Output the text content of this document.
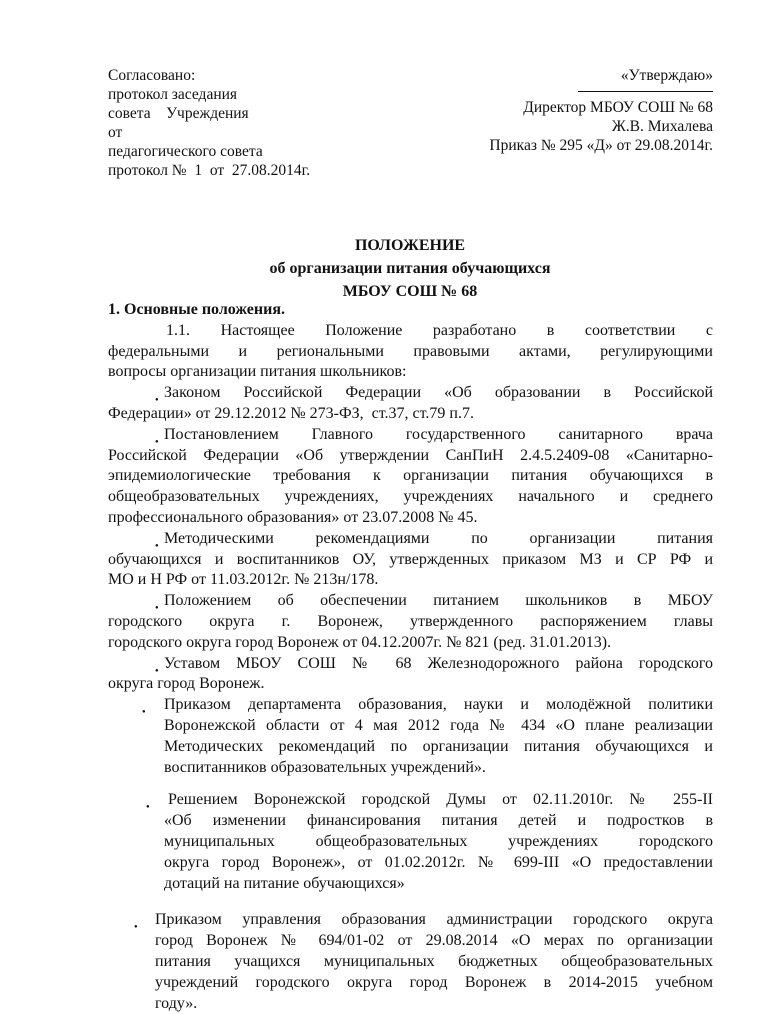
Согласовано:
протокол заседания
совета    Учреждения
от
педагогического совета
протокол №  1  от  27.08.2014г.
«Утверждаю»
Директор МБОУ СОШ № 68
Ж.В. Михалева
Приказ № 295 «Д» от 29.08.2014г.
ПОЛОЖЕНИЕ
об организации питания обучающихся
МБОУ СОШ № 68
1. Основные положения.
1.1. Настоящее Положение разработано в соответствии с
федеральными и региональными правовыми актами, регулирующими
вопросы организации питания школьников:
● Законом Российской Федерации «Об образовании в Российской
Федерации» от 29.12.2012 № 273-ФЗ,  ст.37, ст.79 п.7.
● Постановлением Главного государственного санитарного врача
Российской Федерации «Об утверждении СанПиН 2.4.5.2409-08 «Санитарно-
эпидемиологические требования к организации питания обучающихся в
общеобразовательных учреждениях, учреждениях начального и среднего
профессионального образования» от 23.07.2008 № 45.
● Методическими рекомендациями по организации питания
обучающихся и воспитанников ОУ, утвержденных приказом МЗ и СР РФ и
МО и Н РФ от 11.03.2012г. № 213н/178.
● Положением об обеспечении питанием школьников в МБОУ
городского округа г. Воронеж, утвержденного распоряжением главы
городского округа город Воронеж от 04.12.2007г. № 821 (ред. 31.01.2013).
● Уставом МБОУ СОШ № 68 Железнодорожного района городского
округа город Воронеж.
●	Приказом департамента образования, науки и молодёжной политики
Воронежской области от 4 мая 2012 года № 434 «О плане реализации
Методических рекомендаций по организации питания обучающихся и
воспитанников образовательных учреждений».
●	Решением Воронежской городской Думы от 02.11.2010г. № 255-II
«Об изменении финансирования питания детей и подростков в
муниципальных общеобразовательных учреждениях городского
округа город Воронеж», от 01.02.2012г. № 699-III «О предоставлении
дотаций на питание обучающихся»
●	Приказом управления образования администрации городского округа
город Воронеж № 694/01-02 от 29.08.2014 «О мерах по организации
питания учащихся муниципальных бюджетных общеобразовательных
учреждений городского округа город Воронеж в 2014-2015 учебном
году».
